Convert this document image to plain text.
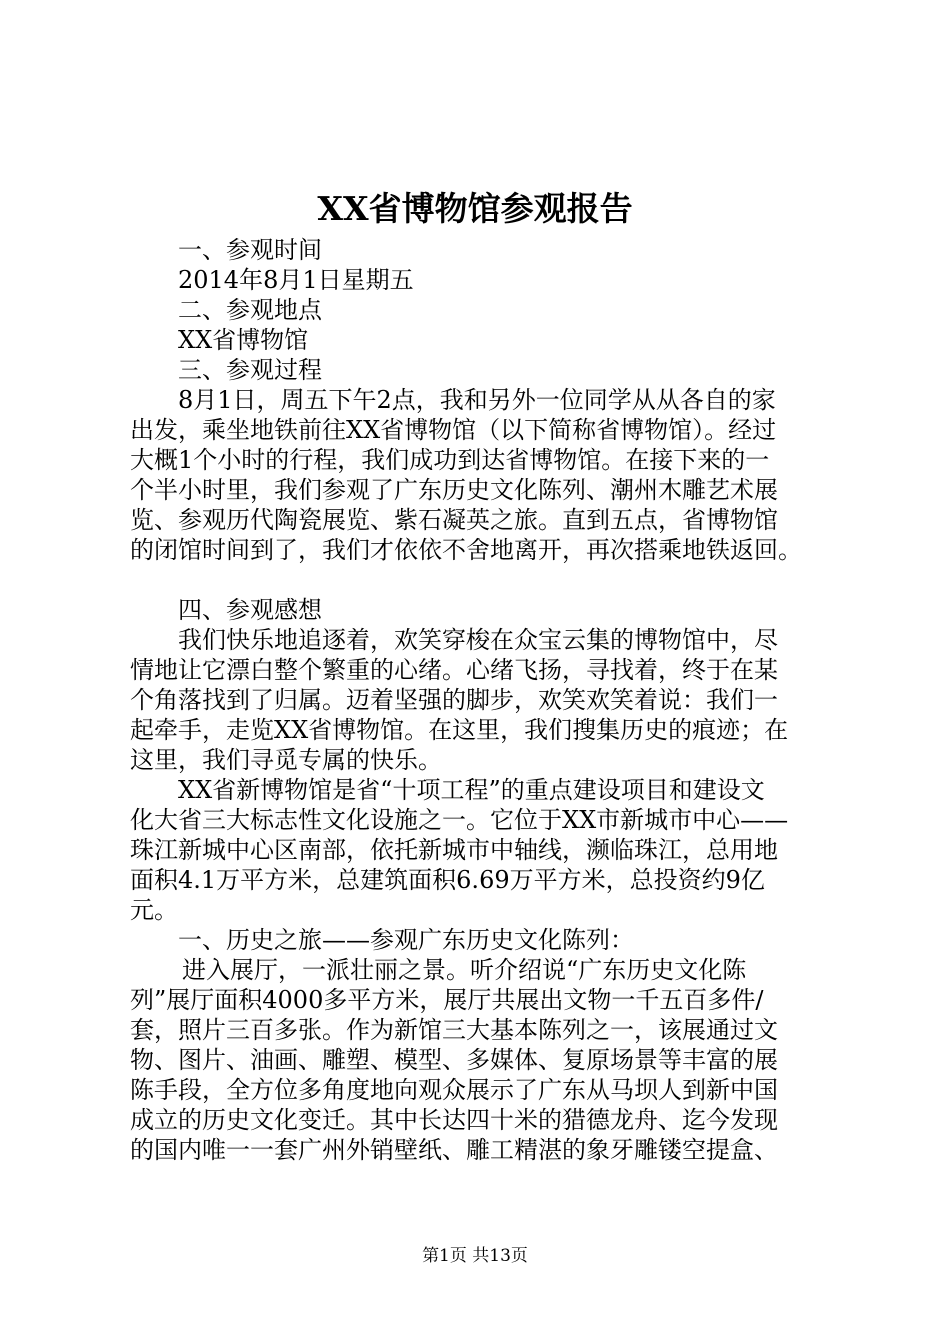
XX省博物馆参观报告
一、参观时间
2014年8月1日星期五
二、参观地点
XX省博物馆
三、参观过程
8月1日，周五下午2点，我和另外一位同学从从各自的家
出发，乘坐地铁前往XX省博物馆（以下简称省博物馆）。经过
大概1个小时的行程，我们成功到达省博物馆。在接下来的一
个半小时里，我们参观了广东历史文化陈列、潮州木雕艺术展
览、参观历代陶瓷展览、紫石凝英之旅。直到五点，省博物馆
的闭馆时间到了，我们才依依不舍地离开，再次搭乘地铁返回。
四、参观感想
我们快乐地追逐着，欢笑穿梭在众宝云集的博物馆中，尽
情地让它漂白整个繁重的心绪。心绪飞扬，寻找着，终于在某
个角落找到了归属。迈着坚强的脚步，欢笑欢笑着说：我们一
起牵手，走览XX省博物馆。在这里，我们搜集历史的痕迹；在
这里，我们寻觅专属的快乐。
XX省新博物馆是省“十项工程”的重点建设项目和建设文
化大省三大标志性文化设施之一。它位于XX市新城市中心——
珠江新城中心区南部，依托新城市中轴线，濒临珠江，总用地
面积4.1万平方米，总建筑面积6.69万平方米，总投资约9亿
元。
一、历史之旅——参观广东历史文化陈列：
进入展厅，一派壮丽之景。听介绍说“广东历史文化陈
列”展厅面积4000多平方米，展厅共展出文物一千五百多件/
套，照片三百多张。作为新馆三大基本陈列之一，该展通过文
物、图片、油画、雕塑、模型、多媒体、复原场景等丰富的展
陈手段，全方位多角度地向观众展示了广东从马坝人到新中国
成立的历史文化变迁。其中长达四十米的猎德龙舟、迄今发现
的国内唯一一套广州外销壁纸、雕工精湛的象牙雕镂空提盒、
第1页 共13页
